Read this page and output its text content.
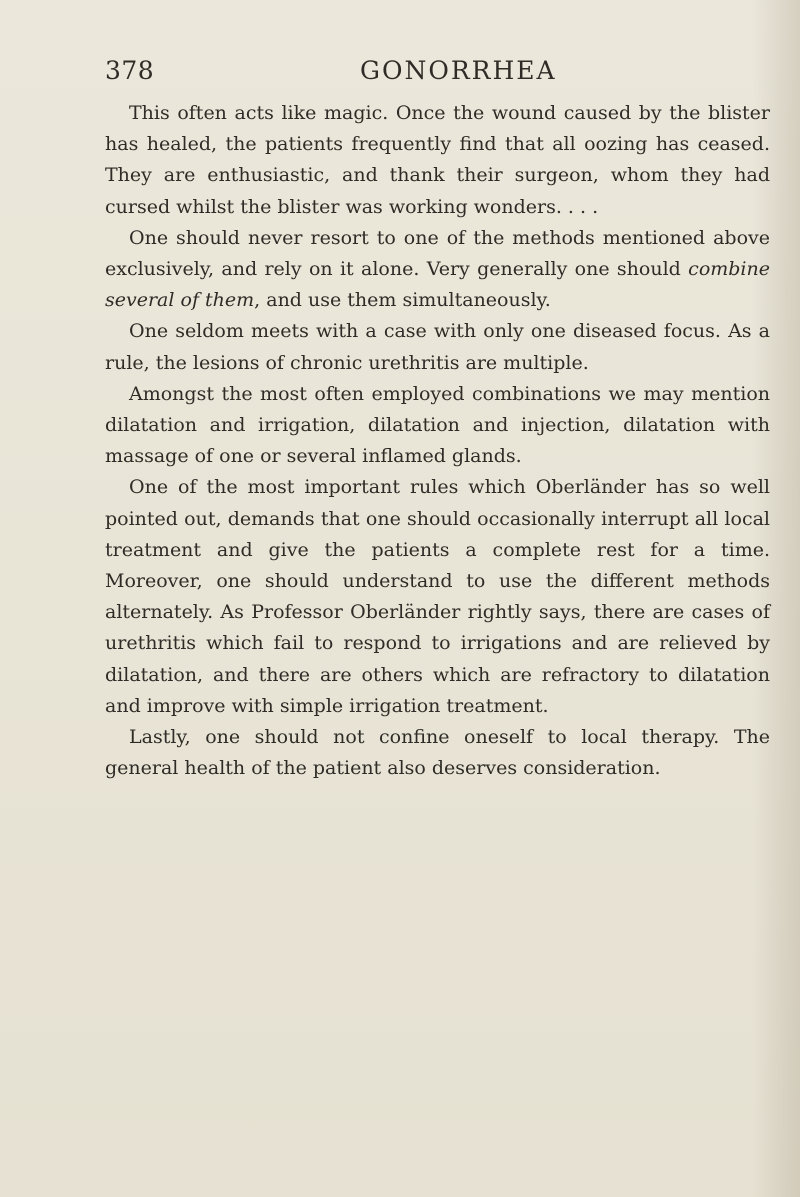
378	GONORRHEA

This often acts like magic. Once the wound caused by the blister has healed, the patients frequently find that all oozing has ceased. They are enthusiastic, and thank their surgeon, whom they had cursed whilst the blister was working wonders. . . .

One should never resort to one of the methods mentioned above exclusively, and rely on it alone. Very generally one should combine several of them, and use them simultaneously.

One seldom meets with a case with only one diseased focus. As a rule, the lesions of chronic urethritis are multiple.

Amongst the most often employed combinations we may mention dilatation and irrigation, dilatation and injection, dilatation with massage of one or several inflamed glands.

One of the most important rules which Oberländer has so well pointed out, demands that one should occasionally interrupt all local treatment and give the patients a complete rest for a time. Moreover, one should understand to use the different methods alternately. As Professor Oberländer rightly says, there are cases of urethritis which fail to respond to irrigations and are relieved by dilatation, and there are others which are refractory to dilatation and improve with simple irrigation treatment.

Lastly, one should not confine oneself to local therapy. The general health of the patient also deserves consideration.
